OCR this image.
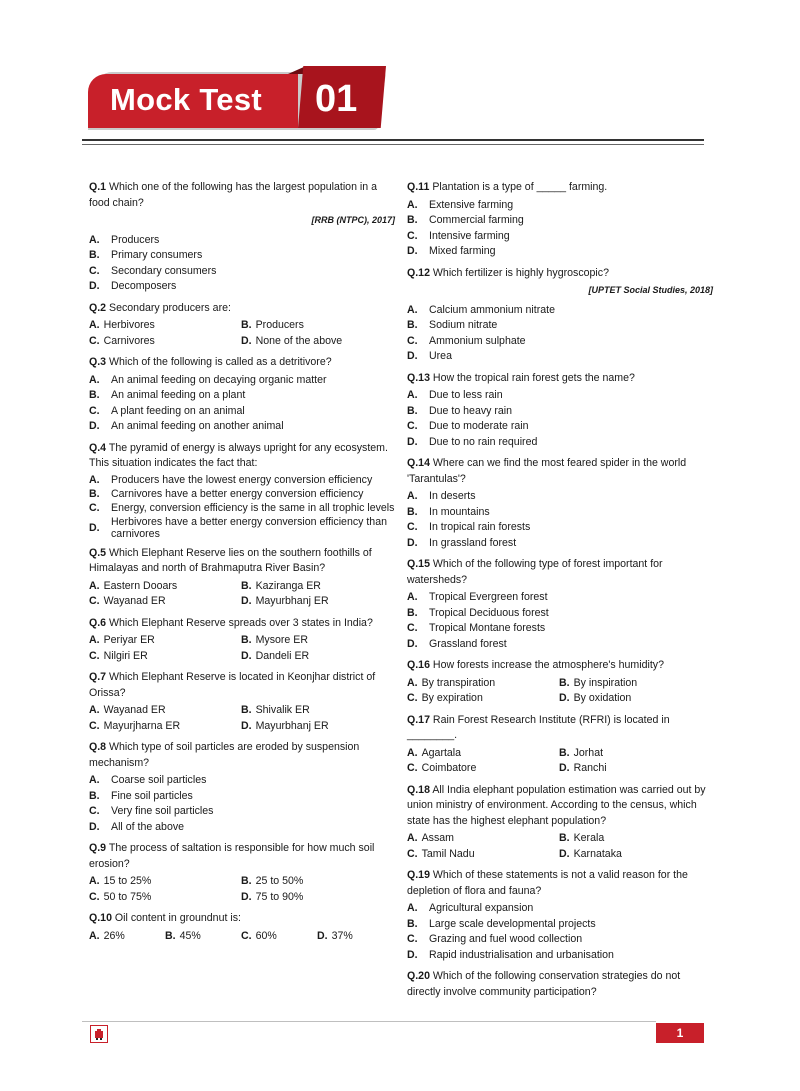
Mock Test 01
Q.1 Which one of the following has the largest population in a food chain?
[RRB (NTPC), 2017]
A.	Producers
B.	Primary consumers
C.	Secondary consumers
D.	Decomposers
Q.2 Secondary producers are:
A. Herbivores	B. Producers
C. Carnivores	D. None of the above
Q.3 Which of the following is called as a detritivore?
A.	An animal feeding on decaying organic matter
B.	An animal feeding on a plant
C.	A plant feeding on an animal
D.	An animal feeding on another animal
Q.4 The pyramid of energy is always upright for any ecosystem. This situation indicates the fact that:
A.	Producers have the lowest energy conversion efficiency
B.	Carnivores have a better energy conversion efficiency
C.	Energy, conversion efficiency is the same in all trophic levels
D.	Herbivores have a better energy conversion efficiency than carnivores
Q.5 Which Elephant Reserve lies on the southern foothills of Himalayas and north of Brahmaputra River Basin?
A. Eastern Dooars	B. Kaziranga ER
C. Wayanad ER	D. Mayurbhanj ER
Q.6 Which Elephant Reserve spreads over 3 states in India?
A. Periyar ER	B. Mysore ER
C. Nilgiri ER	D. Dandeli ER
Q.7 Which Elephant Reserve is located in Keonjhar district of Orissa?
A. Wayanad ER	B. Shivalik ER
C. Mayurjharna ER	D. Mayurbhanj ER
Q.8 Which type of soil particles are eroded by suspension mechanism?
A.	Coarse soil particles
B.	Fine soil particles
C.	Very fine soil particles
D.	All of the above
Q.9 The process of saltation is responsible for how much soil erosion?
A. 15 to 25%	B. 25 to 50%
C. 50 to 75%	D. 75 to 90%
Q.10 Oil content in groundnut is:
A. 26%	B. 45%	C. 60%	D. 37%
Q.11 Plantation is a type of _____ farming.
A.	Extensive farming
B.	Commercial farming
C.	Intensive farming
D.	Mixed farming
Q.12 Which fertilizer is highly hygroscopic?
[UPTET Social Studies, 2018]
A.	Calcium ammonium nitrate
B.	Sodium nitrate
C.	Ammonium sulphate
D.	Urea
Q.13 How the tropical rain forest gets the name?
A.	Due to less rain
B.	Due to heavy rain
C.	Due to moderate rain
D.	Due to no rain required
Q.14 Where can we find the most feared spider in the world 'Tarantulas'?
A.	In deserts
B.	In mountains
C.	In tropical rain forests
D.	In grassland forest
Q.15 Which of the following type of forest important for watersheds?
A.	Tropical Evergreen forest
B.	Tropical Deciduous forest
C.	Tropical Montane forests
D.	Grassland forest
Q.16 How forests increase the atmosphere's humidity?
A. By transpiration	B. By inspiration
C. By expiration	D. By oxidation
Q.17 Rain Forest Research Institute (RFRI) is located in ________.
A. Agartala	B. Jorhat
C. Coimbatore	D. Ranchi
Q.18 All India elephant population estimation was carried out by union ministry of environment. According to the census, which state has the highest elephant population?
A. Assam	B. Kerala
C. Tamil Nadu	D. Karnataka
Q.19 Which of these statements is not a valid reason for the depletion of flora and fauna?
A.	Agricultural expansion
B.	Large scale developmental projects
C.	Grazing and fuel wood collection
D.	Rapid industrialisation and urbanisation
Q.20 Which of the following conservation strategies do not directly involve community participation?
1
